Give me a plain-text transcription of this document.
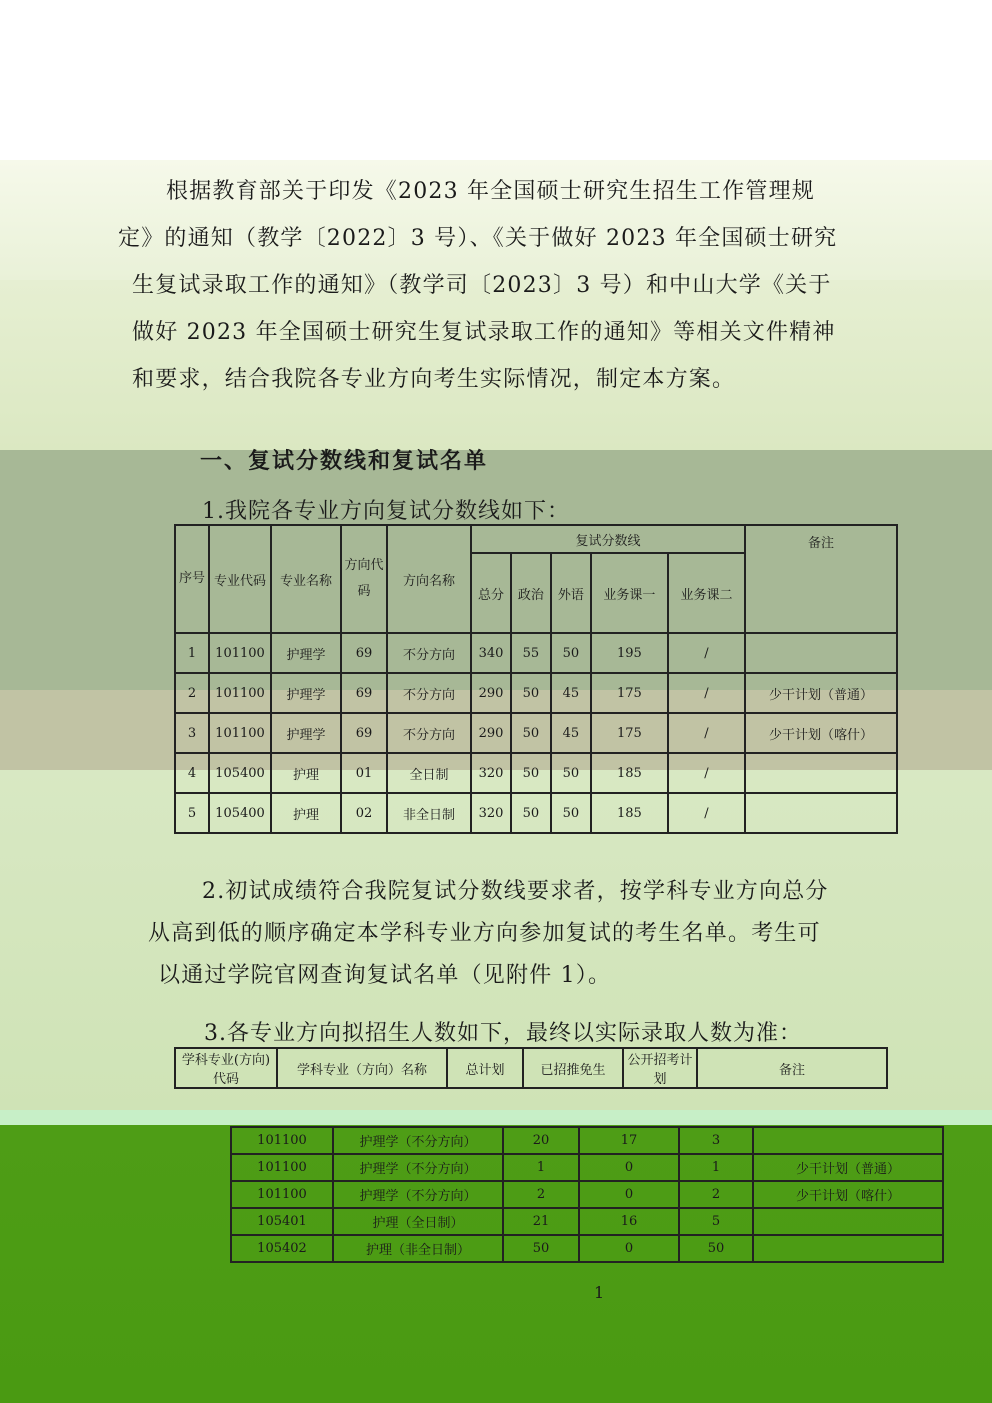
根据教育部关于印发《2023 年全国硕士研究生招生工作管理规
定》的通知（教学〔2022〕3 号）、《关于做好 2023 年全国硕士研究
生复试录取工作的通知》（教学司〔2023〕3 号）和中山大学《关于
做好 2023 年全国硕士研究生复试录取工作的通知》等相关文件精神
和要求，结合我院各专业方向考生实际情况，制定本方案。
一、复试分数线和复试名单
1.我院各专业方向复试分数线如下：
序号	专业代码	专业名称	方向代码	方向名称	复试分数线					备注
					总分	政治	外语	业务课一	业务课二	
1	101100	护理学	69	不分方向	340	55	50	195	/	
2	101100	护理学	69	不分方向	290	50	45	175	/	少干计划（普通）
3	101100	护理学	69	不分方向	290	50	45	175	/	少干计划（喀什）
4	105400	护理	01	全日制	320	50	50	185	/	
5	105400	护理	02	非全日制	320	50	50	185	/	
2.初试成绩符合我院复试分数线要求者，按学科专业方向总分
从高到低的顺序确定本学科专业方向参加复试的考生名单。考生可
以通过学院官网查询复试名单（见附件 1）。
3.各专业方向拟招生人数如下，最终以实际录取人数为准：
学科专业(方向)代码	学科专业（方向）名称	总计划	已招推免生	公开招考计划	备注
101100	护理学（不分方向）	20	17	3	
101100	护理学（不分方向）	1	0	1	少干计划（普通）
101100	护理学（不分方向）	2	0	2	少干计划（喀什）
105401	护理（全日制）	21	16	5	
105402	护理（非全日制）	50	0	50	
1
